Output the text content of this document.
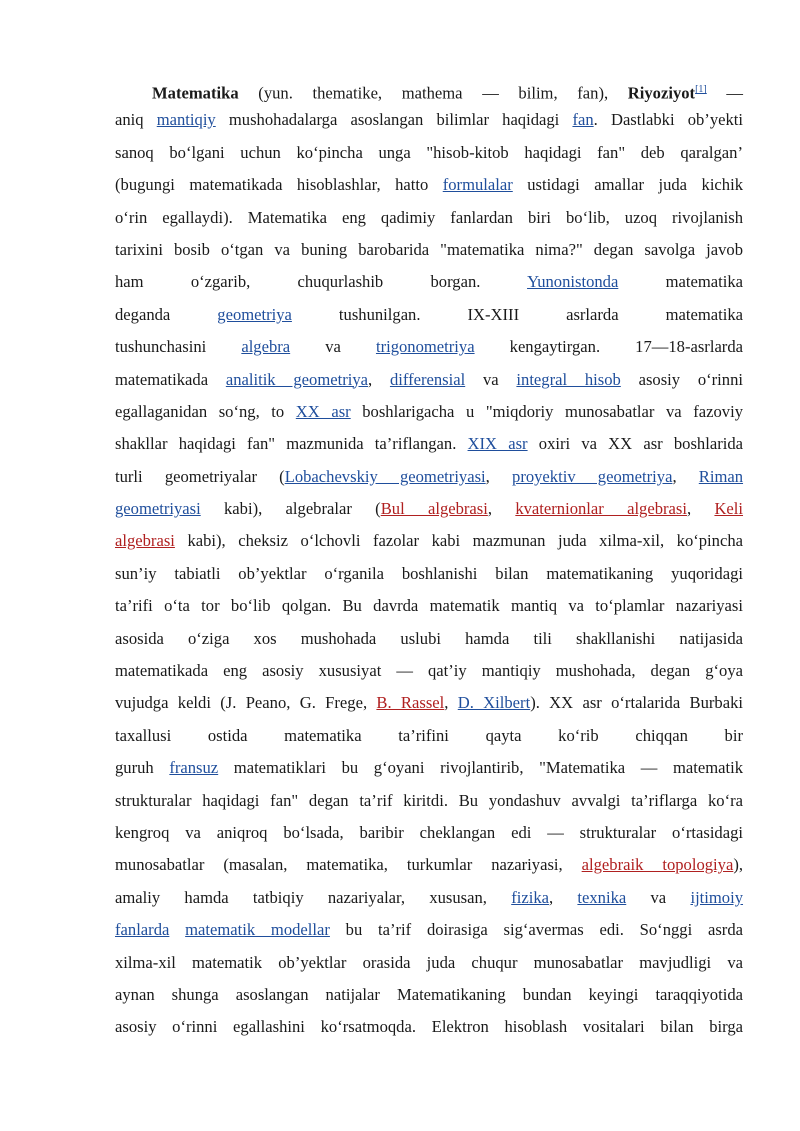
Matematika (yun. thematike, mathema — bilim, fan), Riyoziyot[1] —
aniq mantiqiy mushohadalarga asoslangan bilimlar haqidagi fan. Dastlabki ob’yekti
sanoq bo‘lgani uchun ko‘pincha unga "hisob-kitob haqidagi fan" deb qaralgan’
(bugungi matematikada hisoblashlar, hatto formulalar ustidagi amallar juda kichik
o‘rin egallaydi). Matematika eng qadimiy fanlardan biri bo‘lib, uzoq rivojlanish
tarixini bosib o‘tgan va buning barobarida "matematika nima?" degan savolga javob
ham o‘zgarib, chuqurlashib borgan. Yunonistonda matematika
deganda geometriya tushunilgan. IX-XIII asrlarda matematika
tushunchasini algebra va trigonometriya kengaytirgan. 17—18-asrlarda
matematikada analitik geometriya, differensial va integral hisob asosiy o‘rinni
egallaganidan so‘ng, to XX asr boshlarigacha u "miqdoriy munosabatlar va fazoviy
shakllar haqidagi fan" mazmunida ta’riflangan. XIX asr oxiri va XX asr boshlarida
turli geometriyalar (Lobachevskiy geometriyasi, proyektiv geometriya, Riman
geometriyasi kabi), algebralar (Bul algebrasi, kvaternionlar algebrasi, Keli
algebrasi kabi), cheksiz o‘lchovli fazolar kabi mazmunan juda xilma-xil, ko‘pincha
sun’iy tabiatli ob’yektlar o‘rganila boshlanishi bilan matematikaning yuqoridagi
ta’rifi o‘ta tor bo‘lib qolgan. Bu davrda matematik mantiq va to‘plamlar nazariyasi
asosida o‘ziga xos mushohada uslubi hamda tili shakllanishi natijasida
matematikada eng asosiy xususiyat — qat’iy mantiqiy mushohada, degan g‘oya
vujudga keldi (J. Peano, G. Frege, B. Rassel, D. Xilbert). XX asr o‘rtalarida Burbaki
taxallusi ostida matematika ta’rifini qayta ko‘rib chiqqan bir
guruh fransuz matematiklari bu g‘oyani rivojlantirib, "Matematika — matematik
strukturalar haqidagi fan" degan ta’rif kiritdi. Bu yondashuv avvalgi ta’riflarga ko‘ra
kengroq va aniqroq bo‘lsada, baribir cheklangan edi — strukturalar o‘rtasidagi
munosabatlar (masalan, matematika, turkumlar nazariyasi, algebraik topologiya),
amaliy hamda tatbiqiy nazariyalar, xususan, fizika, texnika va ijtimoiy
fanlarda matematik modellar bu ta’rif doirasiga sig‘avermas edi. So‘nggi asrda
xilma-xil matematik ob’yektlar orasida juda chuqur munosabatlar mavjudligi va
aynan shunga asoslangan natijalar Matematikaning bundan keyingi taraqqiyotida
asosiy o‘rinni egallashini ko‘rsatmoqda. Elektron hisoblash vositalari bilan birga
